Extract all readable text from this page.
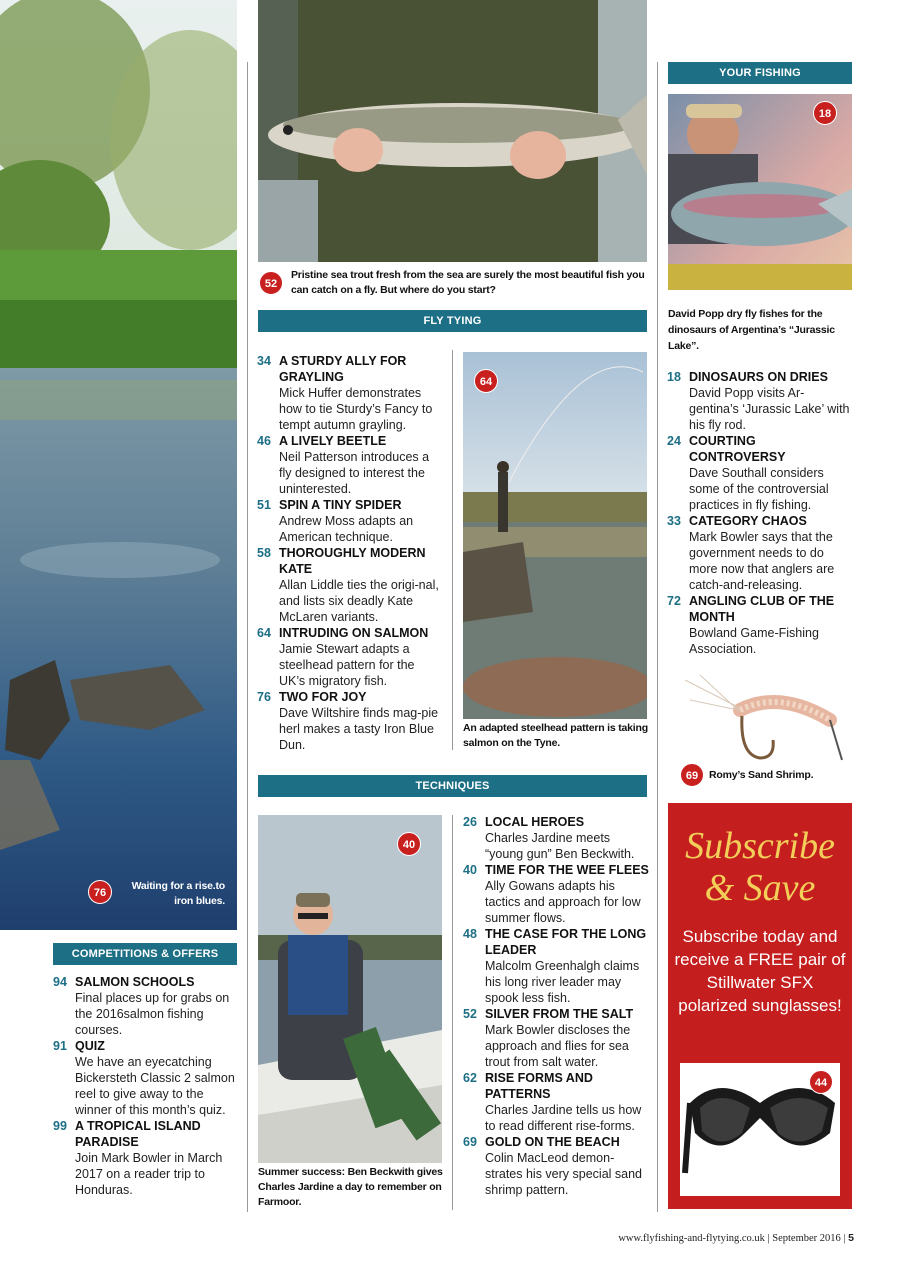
76
Waiting for a rise.to iron blues.
52
Pristine sea trout fresh from the sea are surely the most beautiful fish you can catch on a fly. But where do you start?
FLY TYING
34 A STURDY ALLY FOR GRAYLING
Mick Huffer demonstrates how to tie Sturdy’s Fancy to tempt autumn grayling.
46 A LIVELY BEETLE
Neil Patterson introduces a fly designed to interest the uninterested.
51 SPIN A TINY SPIDER
Andrew Moss adapts an American technique.
58 THOROUGHLY MODERN KATE
Allan Liddle ties the origi-nal, and lists six deadly Kate McLaren variants.
64 INTRUDING ON SALMON
Jamie Stewart adapts a steelhead pattern for the UK’s migratory fish.
76 TWO FOR JOY
Dave Wiltshire finds mag-pie herl makes a tasty Iron Blue Dun.
64
An adapted steelhead pattern is taking salmon on the Tyne.
TECHNIQUES
40
Summer success: Ben Beckwith gives Charles Jardine a day to remember on Farmoor.
26 LOCAL HEROES
Charles Jardine meets “young gun” Ben Beckwith.
40 TIME FOR THE WEE FLEES
Ally Gowans adapts his tactics and approach for low summer flows.
48 THE CASE FOR THE LONG LEADER
Malcolm Greenhalgh claims his long river leader may spook less fish.
52 SILVER FROM THE SALT
Mark Bowler discloses the approach and flies for sea trout from salt water.
62 RISE FORMS AND PATTERNS
Charles Jardine tells us how to read different rise-forms.
69 GOLD ON THE BEACH
Colin MacLeod demon-strates his very special sand shrimp pattern.
COMPETITIONS & OFFERS
94 SALMON SCHOOLS
Final places up for grabs on the 2016salmon fishing courses.
91 QUIZ
We have an eyecatching Bickersteth Classic 2 salmon reel to give away to the winner of this month’s quiz.
99 A TROPICAL ISLAND PARADISE
Join Mark Bowler in March 2017 on a reader trip to Honduras.
YOUR FISHING
18
David Popp dry fly fishes for the dinosaurs of Argentina’s “Jurassic Lake”.
18 DINOSAURS ON DRIES
David Popp visits Ar-gentina’s ‘Jurassic Lake’ with his fly rod.
24 COURTING CONTROVERSY
Dave Southall considers some of the controversial practices in fly fishing.
33 CATEGORY CHAOS
Mark Bowler says that the government needs to do more now that anglers are catch-and-releasing.
72 ANGLING CLUB OF THE MONTH
Bowland Game-Fishing Association.
69	Romy’s Sand Shrimp.
Subscribe
& Save
Subscribe today and receive a FREE pair of Stillwater SFX polarized sunglasses!
44
www.flyfishing-and-flytying.co.uk | September 2016 | 5
